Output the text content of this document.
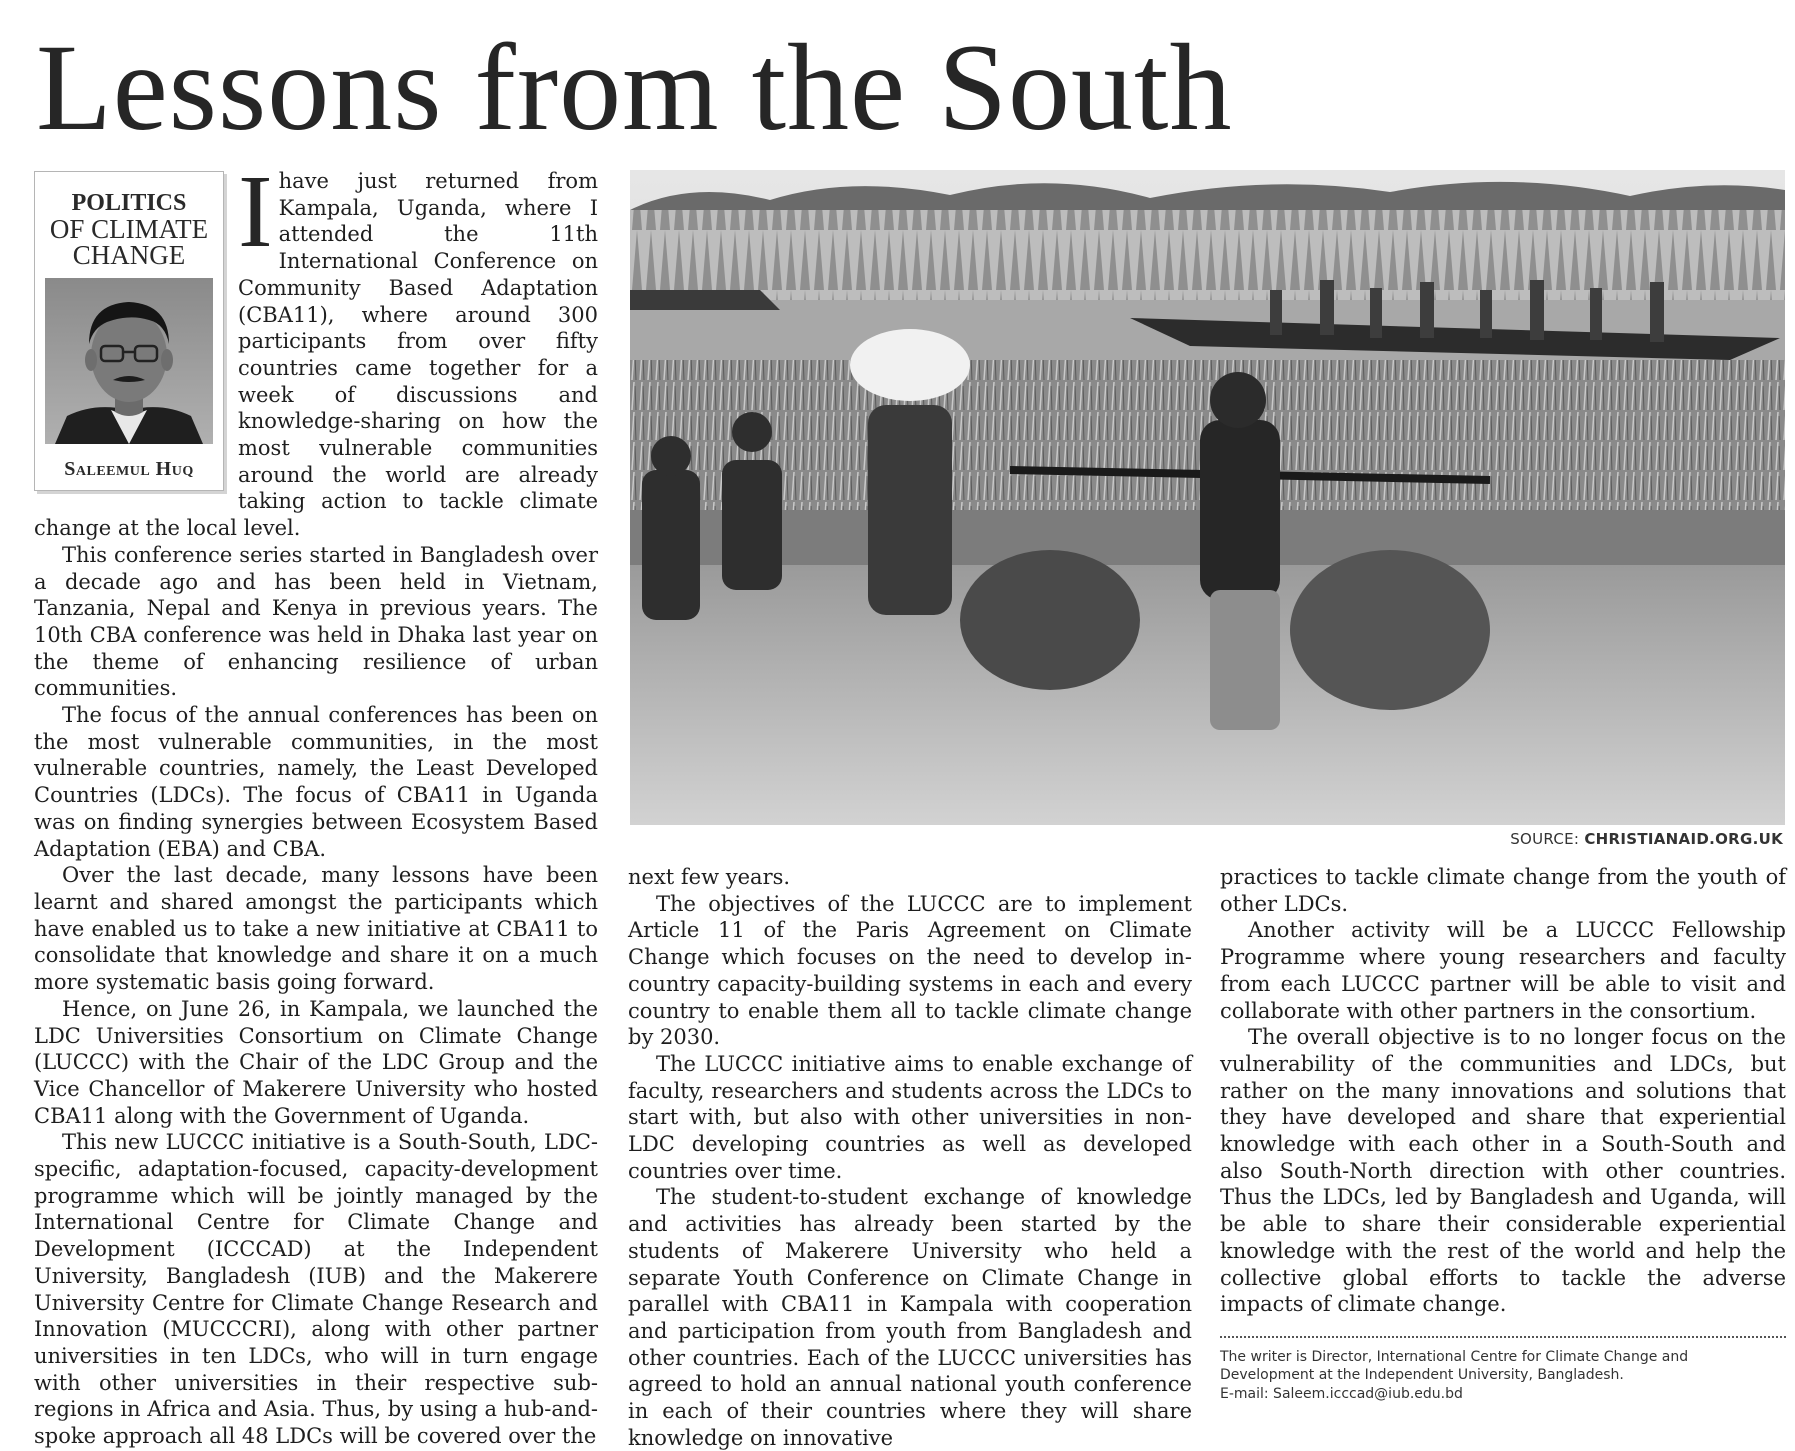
Lessons from the South
POLITICS
OF CLIMATE
CHANGE
Saleemul Huq

Ihave just returned from Kampala, Uganda, where I attended the 11th International Conference on Community Based Adaptation (CBA11), where around 300 participants from over fifty countries came together for a week of discussions and knowledge-sharing on how the most vulnerable communities around the world are already taking action to tackle climate change at the local level.

This conference series started in Bangladesh over a decade ago and has been held in Vietnam, Tanzania, Nepal and Kenya in previous years. The 10th CBA conference was held in Dhaka last year on the theme of enhancing resilience of urban communities.

The focus of the annual conferences has been on the most vulnerable communities, in the most vulnerable countries, namely, the Least Developed Countries (LDCs). The focus of CBA11 in Uganda was on finding synergies between Ecosystem Based Adaptation (EBA) and CBA.

Over the last decade, many lessons have been learnt and shared amongst the participants which have enabled us to take a new initiative at CBA11 to consolidate that knowledge and share it on a much more systematic basis going forward.

Hence, on June 26, in Kampala, we launched the LDC Universities Consortium on Climate Change (LUCCC) with the Chair of the LDC Group and the Vice Chancellor of Makerere University who hosted CBA11 along with the Government of Uganda.

This new LUCCC initiative is a South-South, LDC-specific, adaptation-focused, capacity-development programme which will be jointly managed by the International Centre for Climate Change and Development (ICCCAD) at the Independent University, Bangladesh (IUB) and the Makerere University Centre for Climate Change Research and Innovation (MUCCCRI), along with other partner universities in ten LDCs, who will in turn engage with other universities in their respective sub-regions in Africa and Asia. Thus, by using a hub-and-spoke approach all 48 LDCs will be covered over the

SOURCE: CHRISTIANAID.ORG.UK

next few years.

The objectives of the LUCCC are to implement Article 11 of the Paris Agreement on Climate Change which focuses on the need to develop in-country capacity-building systems in each and every country to enable them all to tackle climate change by 2030.

The LUCCC initiative aims to enable exchange of faculty, researchers and students across the LDCs to start with, but also with other universities in non-LDC developing countries as well as developed countries over time.

The student-to-student exchange of knowledge and activities has already been started by the students of Makerere University who held a separate Youth Conference on Climate Change in parallel with CBA11 in Kampala with cooperation and participation from youth from Bangladesh and other countries. Each of the LUCCC universities has agreed to hold an annual national youth conference in each of their countries where they will share knowledge on innovative

practices to tackle climate change from the youth of other LDCs.

Another activity will be a LUCCC Fellowship Programme where young researchers and faculty from each LUCCC partner will be able to visit and collaborate with other partners in the consortium.

The overall objective is to no longer focus on the vulnerability of the communities and LDCs, but rather on the many innovations and solutions that they have developed and share that experiential knowledge with each other in a South-South and also South-North direction with other countries. Thus the LDCs, led by Bangladesh and Uganda, will be able to share their considerable experiential knowledge with the rest of the world and help the collective global efforts to tackle the adverse impacts of climate change.

The writer is Director, International Centre for Climate Change and Development at the Independent University, Bangladesh.

E-mail: Saleem.icccad@iub.edu.bd
